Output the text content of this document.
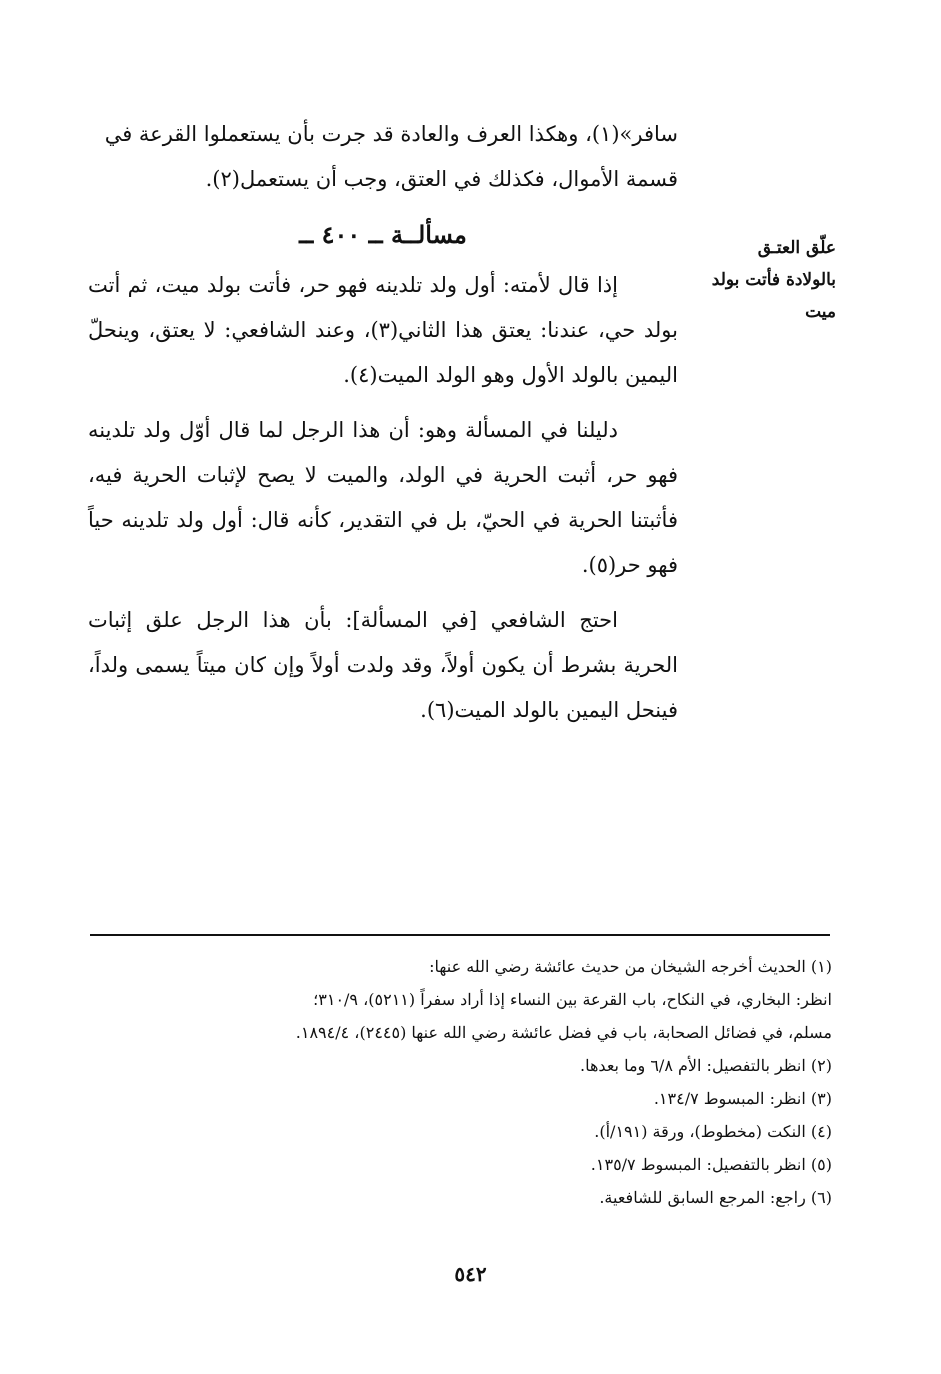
سافر»(١)، وهكذا العرف والعادة قد جرت بأن يستعملوا القرعة في
قسمة الأموال، فكذلك في العتق، وجب أن يستعمل(٢).

مسألــة ــ ٤٠٠ ــ

إذا قال لأمته: أول ولد تلدينه فهو حر، فأتت بولد ميت، ثم أتت بولد حي، عندنا: يعتق هذا الثاني(٣)، وعند الشافعي: لا يعتق، وينحلّ اليمين بالولد الأول وهو الولد الميت(٤).

دليلنا في المسألة وهو: أن هذا الرجل لما قال أوّل ولد تلدينه فهو حر، أثبت الحرية في الولد، والميت لا يصح لإثبات الحرية فيه، فأثبتنا الحرية في الحيّ، بل في التقدير، كأنه قال: أول ولد تلدينه حياً فهو حر(٥).

احتج الشافعي [في المسألة]: بأن هذا الرجل علق إثبات الحرية بشرط أن يكون أولاً، وقد ولدت أولاً وإن كان ميتاً يسمى ولداً، فينحل اليمين بالولد الميت(٦).

علّق العتـق
بالولادة فأتت بولد
ميت
(١) الحديث أخرجه الشيخان من حديث عائشة رضي الله عنها:
انظر: البخاري، في النكاح، باب القرعة بين النساء إذا أراد سفراً (٥٢١١)، ٣١٠/٩؛
مسلم، في فضائل الصحابة، باب في فضل عائشة رضي الله عنها (٢٤٤٥)، ١٨٩٤/٤.
(٢) انظر بالتفصيل: الأم ٦/٨ وما بعدها.
(٣) انظر: المبسوط ١٣٤/٧.
(٤) النكت (مخطوط)، ورقة (١٩١/أ).
(٥) انظر بالتفصيل: المبسوط ١٣٥/٧.
(٦) راجع: المرجع السابق للشافعية.
٥٤٢
